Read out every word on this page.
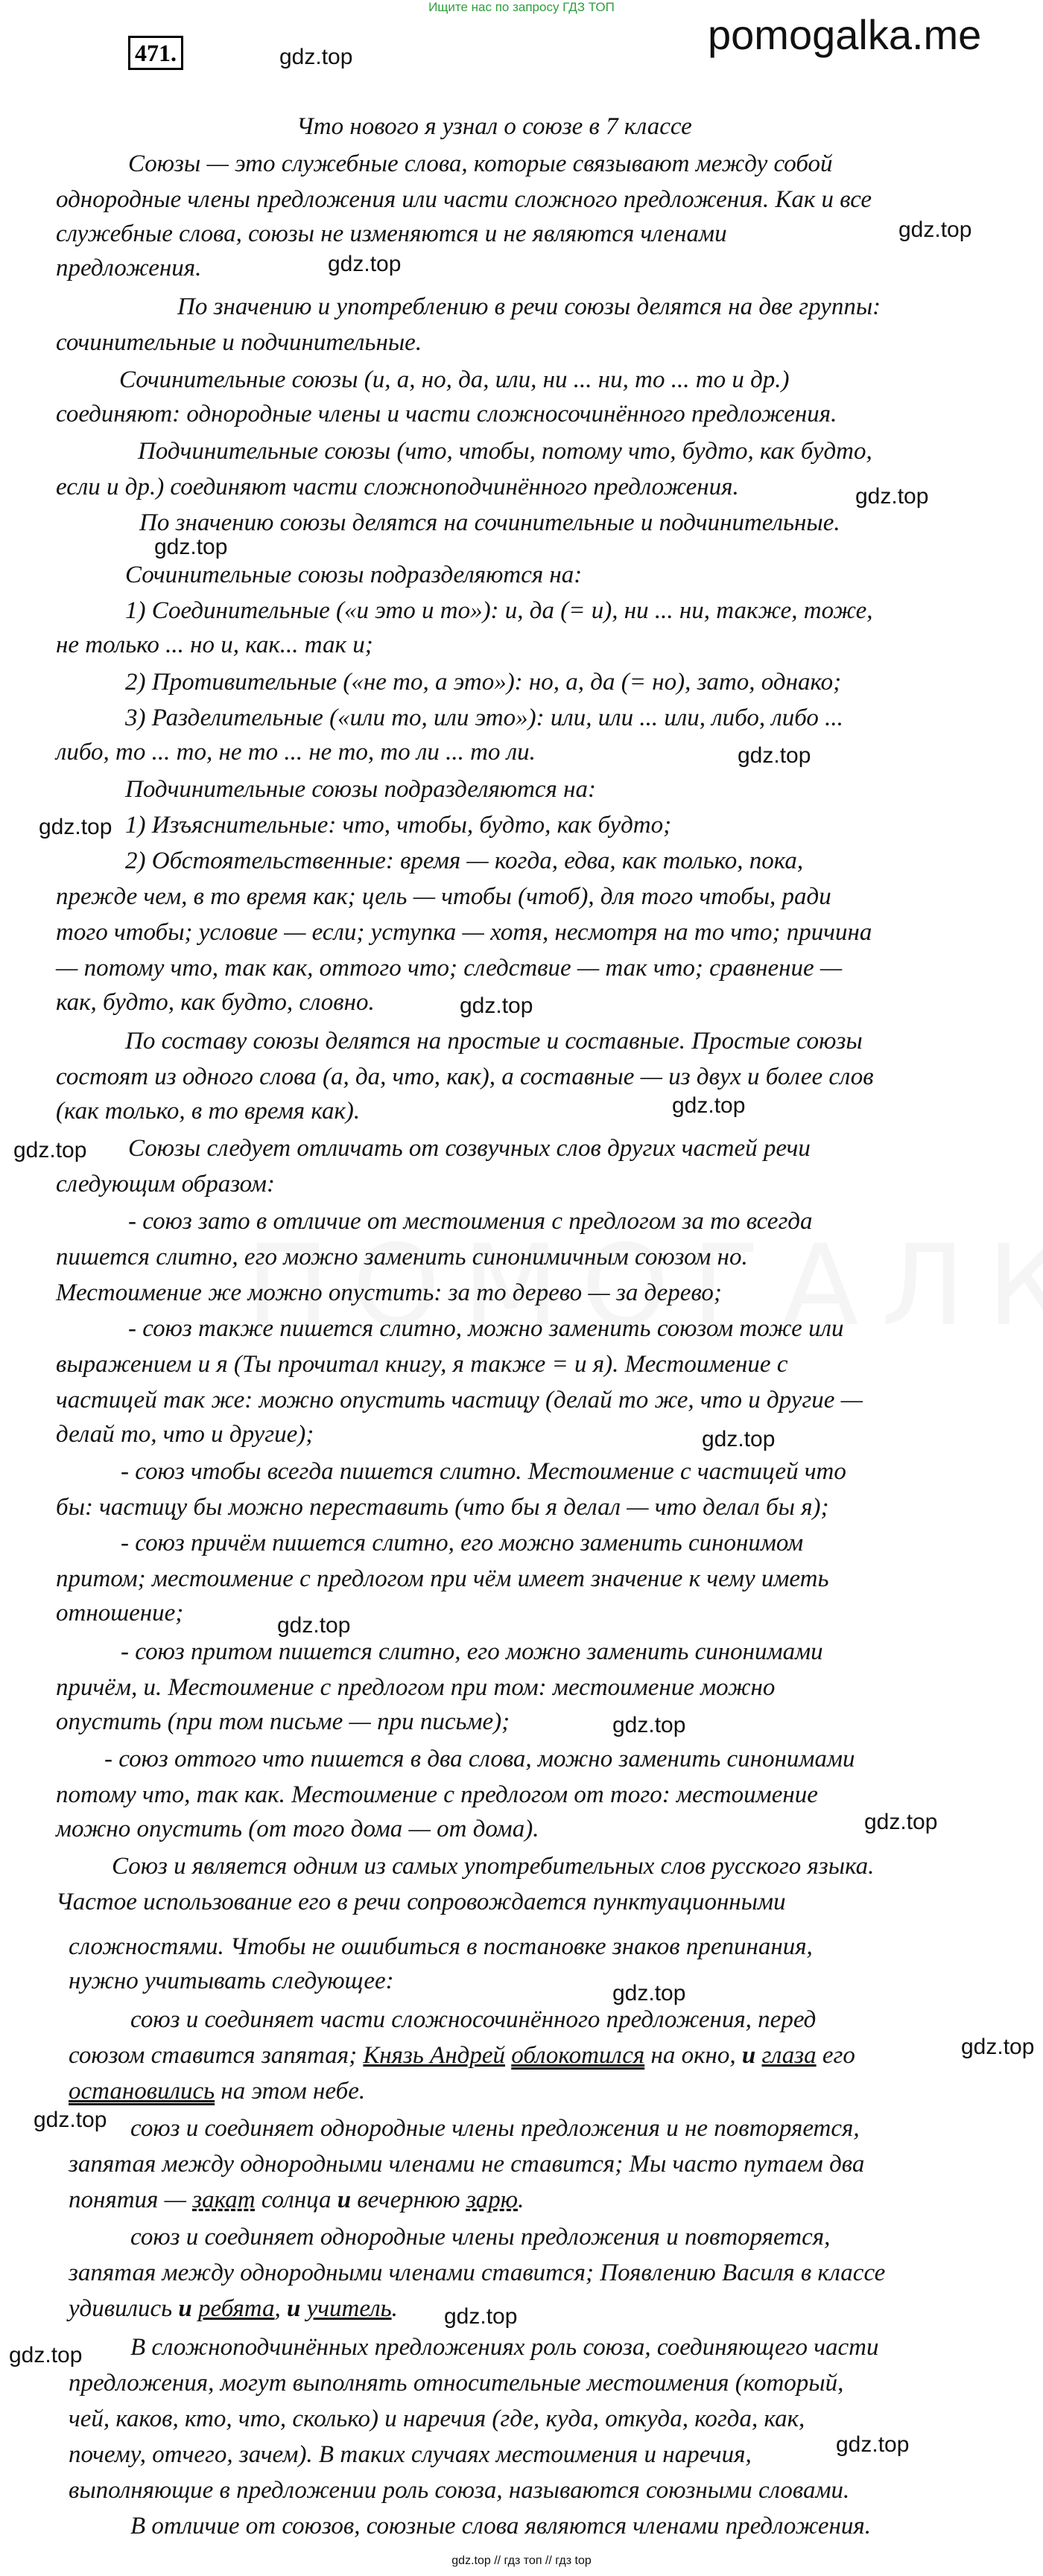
Ищите нас по запросу ГДЗ ТОП
471.	pomogalka.me
gdz.top
gdz.top
gdz.top
gdz.top
gdz.top
gdz.top
gdz.top
gdz.top
gdz.top
gdz.top
gdz.top
gdz.top
gdz.top
gdz.top
gdz.top
gdz.top
gdz.top
gdz.top
gdz.top
gdz.top
Что нового я узнал о союзе в 7 классе
Союзы — это служебные слова, которые связывают между собой
однородные члены предложения или части сложного предложения. Как и все
служебные слова, союзы не изменяются и не являются членами
предложения.
По значению и употреблению в речи союзы делятся на две группы:
сочинительные и подчинительные.
Сочинительные союзы (и, а, но, да, или, ни ... ни, то ... то и др.)
соединяют: однородные члены и части сложносочинённого предложения.
Подчинительные союзы (что, чтобы, потому что, будто, как будто,
если и др.) соединяют части сложноподчинённого предложения.
По значению союзы делятся на сочинительные и подчинительные.
Сочинительные союзы подразделяются на:
1) Соединительные («и это и то»): и, да (= и), ни ... ни, также, тоже,
не только ... но и, как... так и;
2) Противительные («не то, а это»): но, а, да (= но), зато, однако;
3) Разделительные («или то, или это»): или, или ... или, либо, либо ...
либо, то ... то, не то ... не то, то ли ... то ли.
Подчинительные союзы подразделяются на:
1) Изъяснительные: что, чтобы, будто, как будто;
2) Обстоятельственные: время — когда, едва, как только, пока,
прежде чем, в то время как; цель — чтобы (чтоб), для того чтобы, ради
того чтобы; условие — если; уступка — хотя, несмотря на то что; причина
— потому что, так как, оттого что; следствие — так что; сравнение —
как, будто, как будто, словно.
По составу союзы делятся на простые и составные. Простые союзы
состоят из одного слова (а, да, что, как), а составные — из двух и более слов
(как только, в то время как).
Союзы следует отличать от созвучных слов других частей речи
следующим образом:
- союз зато в отличие от местоимения с предлогом за то всегда
пишется слитно, его можно заменить синонимичным союзом но.
Местоимение же можно опустить: за то дерево — за дерево;
- союз также пишется слитно, можно заменить союзом тоже или
выражением и я (Ты прочитал книгу, я также = и я). Местоимение с
частицей так же: можно опустить частицу (делай то же, что и другие —
делай то, что и другие);
- союз чтобы всегда пишется слитно. Местоимение с частицей что
бы: частицу бы можно переставить (что бы я делал — что делал бы я);
- союз причём пишется слитно, его можно заменить синонимом
притом; местоимение с предлогом при чём имеет значение к чему иметь
отношение;
- союз притом пишется слитно, его можно заменить синонимами
причём, и. Местоимение с предлогом при том: местоимение можно
опустить (при том письме — при письме);
- союз оттого что пишется в два слова, можно заменить синонимами
потому что, так как. Местоимение с предлогом от того: местоимение
можно опустить (от того дома — от дома).
Союз и является одним из самых употребительных слов русского языка.
Частое использование его в речи сопровождается пунктуационными
сложностями. Чтобы не ошибиться в постановке знаков препинания,
нужно учитывать следующее:
союз и соединяет части сложносочинённого предложения, перед
союзом ставится запятая; Князь Андрей облокотился на окно, и глаза его
остановились на этом небе.
союз и соединяет однородные члены предложения и не повторяется,
запятая между однородными членами не ставится; Мы часто путаем два
понятия — закат солнца и вечернюю зарю.
союз и соединяет однородные члены предложения и повторяется,
запятая между однородными членами ставится; Появлению Василя в классе
удивились и ребята, и учитель.
В сложноподчинённых предложениях роль союза, соединяющего части
предложения, могут выполнять относительные местоимения (который,
чей, каков, кто, что, сколько) и наречия (где, куда, откуда, когда, как,
почему, отчего, зачем). В таких случаях местоимения и наречия,
выполняющие в предложении роль союза, называются союзными словами.
В отличие от союзов, союзные слова являются членами предложения.
gdz.top // гдз топ // гдз top
